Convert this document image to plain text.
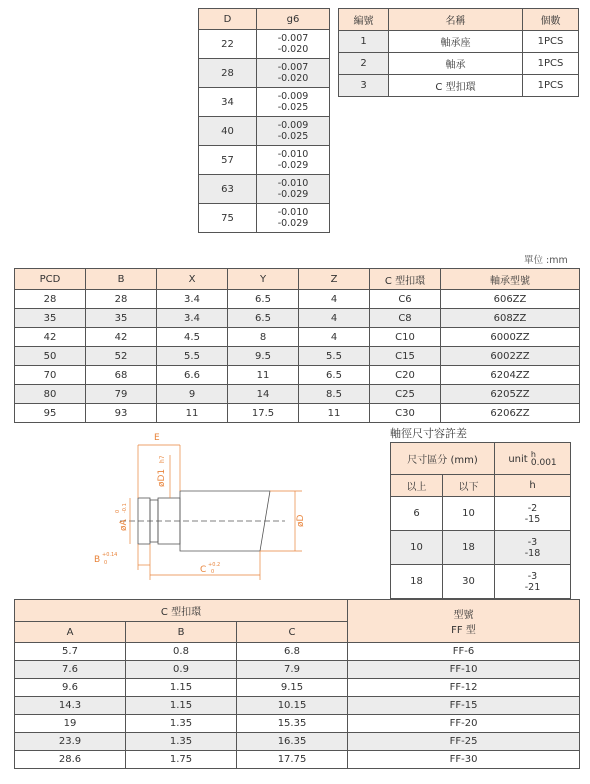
D	g6
22	-0.007
-0.020

28	-0.007
-0.020

34	-0.009
-0.025

40	-0.009
-0.025

57	-0.010
-0.029

63	-0.010
-0.029

75	-0.010
-0.029
編號	名稱	個數
1	軸承座	1PCS
2	軸承	1PCS
3	C 型扣環	1PCS
單位 :mm
PCD	B	X	Y	Z	C 型扣環	軸承型號
28	28	3.4	6.5	4	C6	606ZZ
35	35	3.4	6.5	4	C8	608ZZ
42	42	4.5	8	4	C10	6000ZZ
50	52	5.5	9.5	5.5	C15	6002ZZ
70	68	6.6	11	6.5	C20	6204ZZ
80	79	9	14	8.5	C25	6205ZZ
95	93	11	17.5	11	C30	6206ZZ
E
øD1
h7
øA
0 -0.1
B +0.14
0
C +0.2
0
øD
軸徑尺寸容許差
尺寸區分 (mm)		unit h
0.001

以上	以下	h
6	10	-2
-15

10	18	-3
-18

18	30	-3
-21
C 型扣環			型號
FF 型

A	B	C	
5.7	0.8	6.8	FF-6
7.6	0.9	7.9	FF-10
9.6	1.15	9.15	FF-12
14.3	1.15	10.15	FF-15
19	1.35	15.35	FF-20
23.9	1.35	16.35	FF-25
28.6	1.75	17.75	FF-30
